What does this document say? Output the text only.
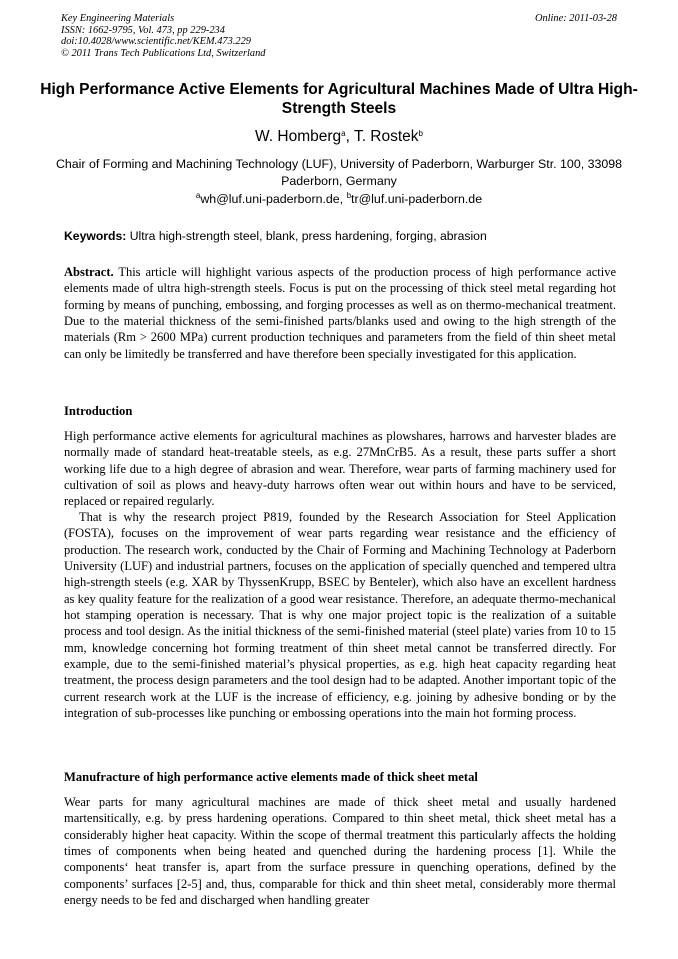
Key Engineering Materials
ISSN: 1662-9795, Vol. 473, pp 229-234
doi:10.4028/www.scientific.net/KEM.473.229
© 2011 Trans Tech Publications Ltd, Switzerland
Online: 2011-03-28
High Performance Active Elements for Agricultural Machines Made of Ultra High-Strength Steels
W. Homberg$^a$, T. Rostek$^b$
Chair of Forming and Machining Technology (LUF), University of Paderborn, Warburger Str. 100, 33098 Paderborn, Germany
$^a$wh@luf.uni-paderborn.de, $^b$tr@luf.uni-paderborn.de
Keywords: Ultra high-strength steel, blank, press hardening, forging, abrasion
Abstract. This article will highlight various aspects of the production process of high performance active elements made of ultra high-strength steels. Focus is put on the processing of thick steel metal regarding hot forming by means of punching, embossing, and forging processes as well as on thermo-mechanical treatment. Due to the material thickness of the semi-finished parts/blanks used and owing to the high strength of the materials (Rm > 2600 MPa) current production techniques and parameters from the field of thin sheet metal can only be limitedly be transferred and have therefore been specially investigated for this application.
Introduction
High performance active elements for agricultural machines as plowshares, harrows and harvester blades are normally made of standard heat-treatable steels, as e.g. 27MnCrB5. As a result, these parts suffer a short working life due to a high degree of abrasion and wear. Therefore, wear parts of farming machinery used for cultivation of soil as plows and heavy-duty harrows often wear out within hours and have to be serviced, replaced or repaired regularly.
That is why the research project P819, founded by the Research Association for Steel Application (FOSTA), focuses on the improvement of wear parts regarding wear resistance and the efficiency of production. The research work, conducted by the Chair of Forming and Machining Technology at Paderborn University (LUF) and industrial partners, focuses on the application of specially quenched and tempered ultra high-strength steels (e.g. XAR by ThyssenKrupp, BSEC by Benteler), which also have an excellent hardness as key quality feature for the realization of a good wear resistance. Therefore, an adequate thermo-mechanical hot stamping operation is necessary. That is why one major project topic is the realization of a suitable process and tool design. As the initial thickness of the semi-finished material (steel plate) varies from 10 to 15 mm, knowledge concerning hot forming treatment of thin sheet metal cannot be transferred directly. For example, due to the semi-finished material’s physical properties, as e.g. high heat capacity regarding heat treatment, the process design parameters and the tool design had to be adapted. Another important topic of the current research work at the LUF is the increase of efficiency, e.g. joining by adhesive bonding or by the integration of sub-processes like punching or embossing operations into the main hot forming process.
Manufracture of high performance active elements made of thick sheet metal
Wear parts for many agricultural machines are made of thick sheet metal and usually hardened martensitically, e.g. by press hardening operations. Compared to thin sheet metal, thick sheet metal has a considerably higher heat capacity. Within the scope of thermal treatment this particularly affects the holding times of components when being heated and quenched during the hardening process [1]. While the components‘ heat transfer is, apart from the surface pressure in quenching operations, defined by the components’ surfaces [2-5] and, thus, comparable for thick and thin sheet metal, considerably more thermal energy needs to be fed and discharged when handling greater
